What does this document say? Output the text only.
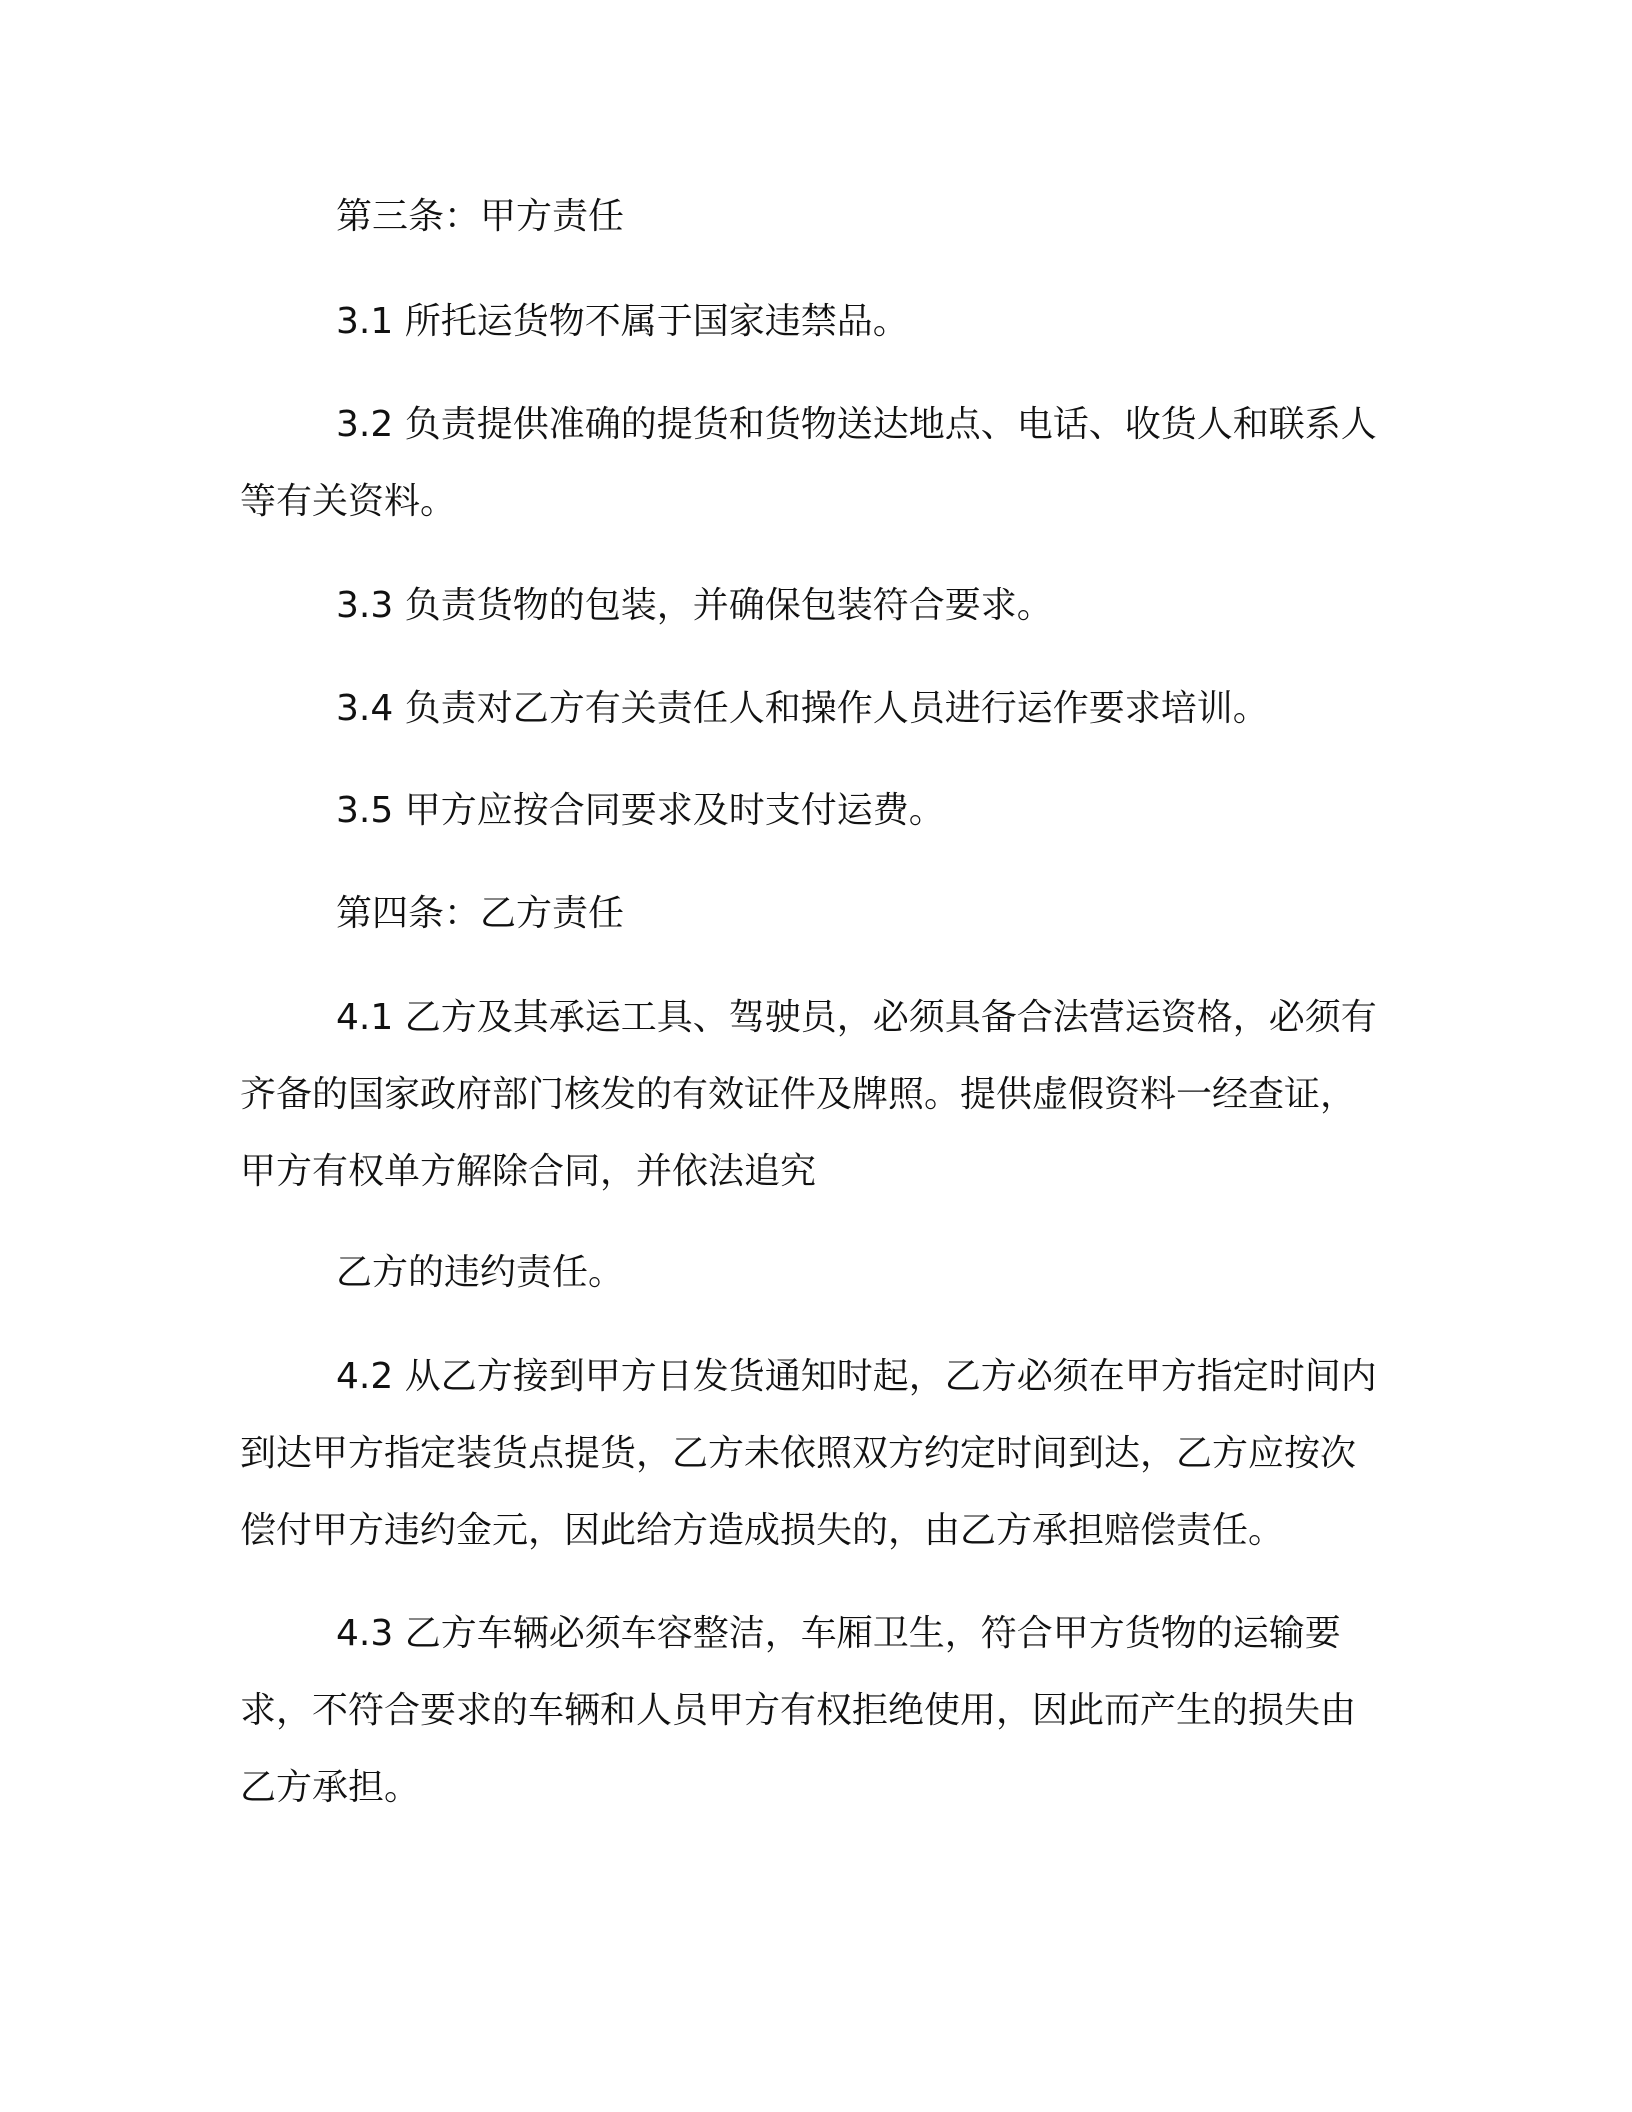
第三条：甲方责任

3.1 所托运货物不属于国家违禁品。

3.2 负责提供准确的提货和货物送达地点、电话、收货人和联系人等有关资料。

3.3 负责货物的包装，并确保包装符合要求。

3.4 负责对乙方有关责任人和操作人员进行运作要求培训。

3.5 甲方应按合同要求及时支付运费。

第四条：乙方责任

4.1 乙方及其承运工具、驾驶员，必须具备合法营运资格，必须有齐备的国家政府部门核发的有效证件及牌照。提供虚假资料一经查证，甲方有权单方解除合同，并依法追究

乙方的违约责任。

4.2 从乙方接到甲方日发货通知时起，乙方必须在甲方指定时间内到达甲方指定装货点提货，乙方未依照双方约定时间到达，乙方应按次偿付甲方违约金元，因此给方造成损失的，由乙方承担赔偿责任。

4.3 乙方车辆必须车容整洁，车厢卫生，符合甲方货物的运输要求，不符合要求的车辆和人员甲方有权拒绝使用，因此而产生的损失由乙方承担。
